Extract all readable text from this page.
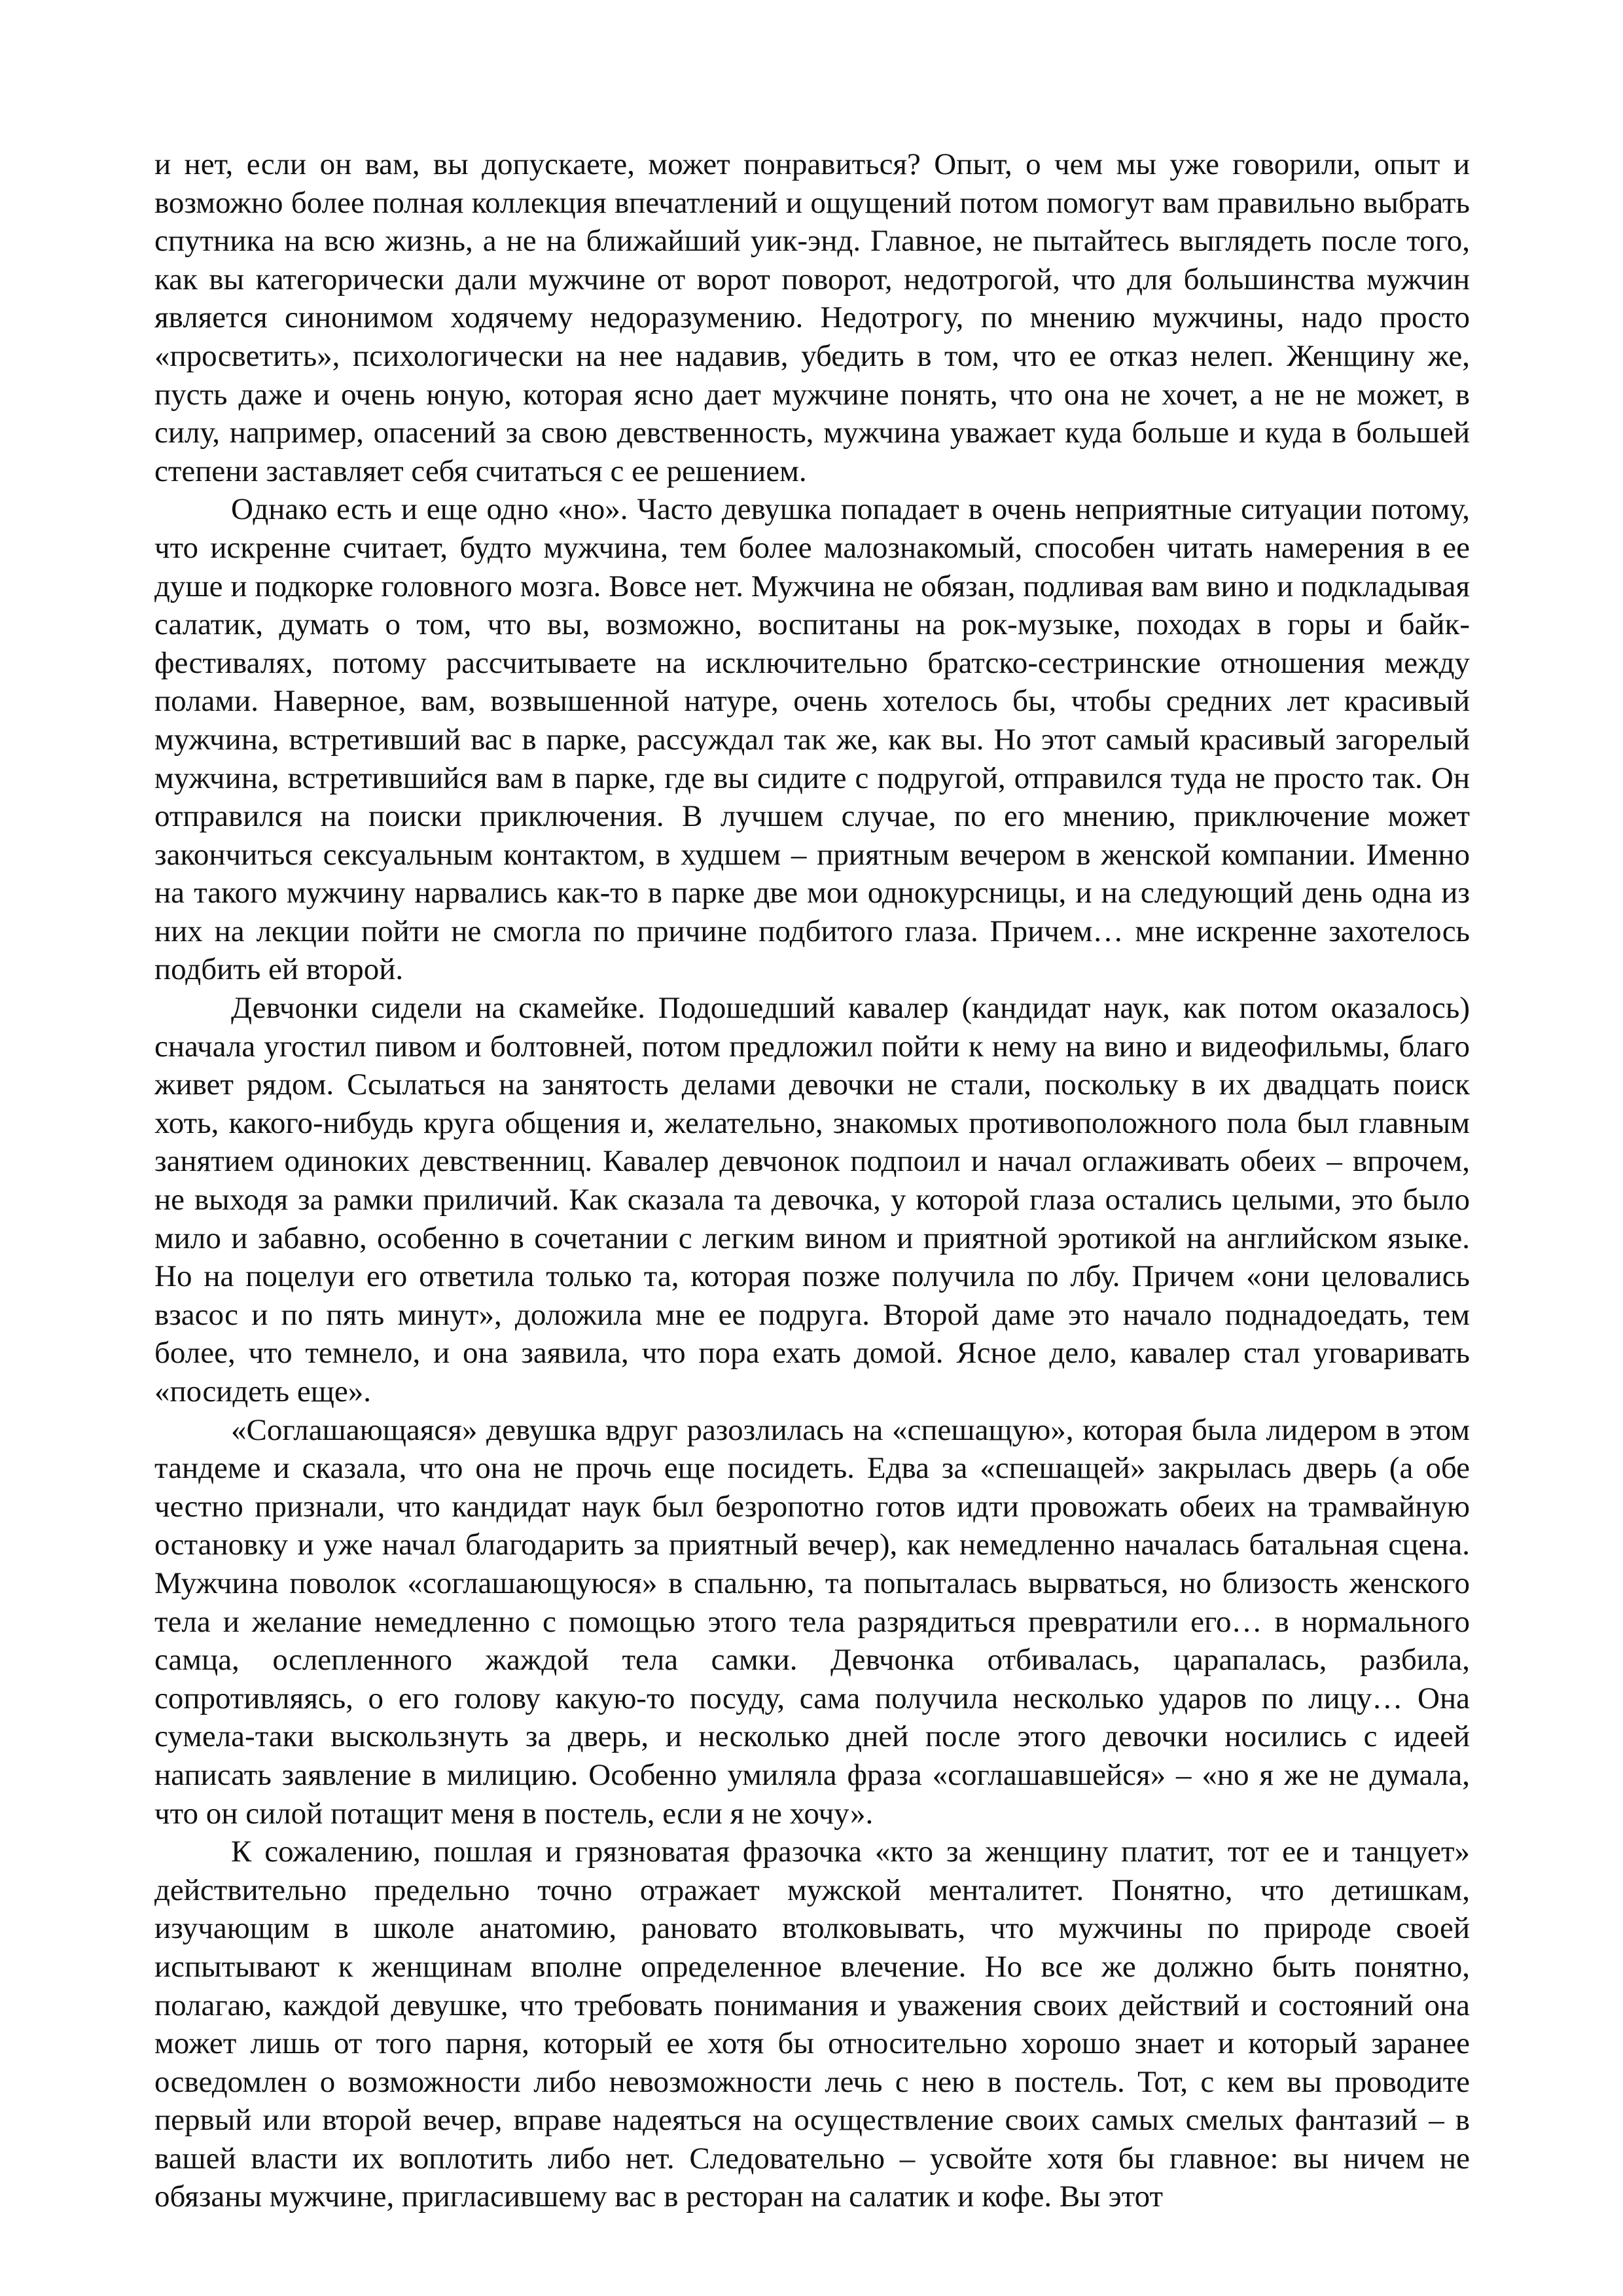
и нет, если он вам, вы допускаете, может понравиться? Опыт, о чем мы уже говорили, опыт и возможно более полная коллекция впечатлений и ощущений потом помогут вам правильно выбрать спутника на всю жизнь, а не на ближайший уик-энд. Главное, не пытайтесь выглядеть после того, как вы категорически дали мужчине от ворот поворот, недотрогой, что для большинства мужчин является синонимом ходячему недоразумению. Недотрогу, по мнению мужчины, надо просто «просветить», психологически на нее надавив, убедить в том, что ее отказ нелеп. Женщину же, пусть даже и очень юную, которая ясно дает мужчине понять, что она не хочет, а не не может, в силу, например, опасений за свою девственность, мужчина уважает куда больше и куда в большей степени заставляет себя считаться с ее решением.

Однако есть и еще одно «но». Часто девушка попадает в очень неприятные ситуации потому, что искренне считает, будто мужчина, тем более малознакомый, способен читать намерения в ее душе и подкорке головного мозга. Вовсе нет. Мужчина не обязан, подливая вам вино и подкладывая салатик, думать о том, что вы, возможно, воспитаны на рок-музыке, походах в горы и байк-фестивалях, потому рассчитываете на исключительно братско-сестринские отношения между полами. Наверное, вам, возвышенной натуре, очень хотелось бы, чтобы средних лет красивый мужчина, встретивший вас в парке, рассуждал так же, как вы. Но этот самый красивый загорелый мужчина, встретившийся вам в парке, где вы сидите с подругой, отправился туда не просто так. Он отправился на поиски приключения. В лучшем случае, по его мнению, приключение может закончиться сексуальным контактом, в худшем – приятным вечером в женской компании. Именно на такого мужчину нарвались как-то в парке две мои однокурсницы, и на следующий день одна из них на лекции пойти не смогла по причине подбитого глаза. Причем… мне искренне захотелось подбить ей второй.

Девчонки сидели на скамейке. Подошедший кавалер (кандидат наук, как потом оказалось) сначала угостил пивом и болтовней, потом предложил пойти к нему на вино и видеофильмы, благо живет рядом. Ссылаться на занятость делами девочки не стали, поскольку в их двадцать поиск хоть, какого-нибудь круга общения и, желательно, знакомых противоположного пола был главным занятием одиноких девственниц. Кавалер девчонок подпоил и начал оглаживать обеих – впрочем, не выходя за рамки приличий. Как сказала та девочка, у которой глаза остались целыми, это было мило и забавно, особенно в сочетании с легким вином и приятной эротикой на английском языке. Но на поцелуи его ответила только та, которая позже получила по лбу. Причем «они целовались взасос и по пять минут», доложила мне ее подруга. Второй даме это начало поднадоедать, тем более, что темнело, и она заявила, что пора ехать домой. Ясное дело, кавалер стал уговаривать «посидеть еще».

«Соглашающаяся» девушка вдруг разозлилась на «спешащую», которая была лидером в этом тандеме и сказала, что она не прочь еще посидеть. Едва за «спешащей» закрылась дверь (а обе честно признали, что кандидат наук был безропотно готов идти провожать обеих на трамвайную остановку и уже начал благодарить за приятный вечер), как немедленно началась батальная сцена. Мужчина поволок «соглашающуюся» в спальню, та попыталась вырваться, но близость женского тела и желание немедленно с помощью этого тела разрядиться превратили его… в нормального самца, ослепленного жаждой тела самки. Девчонка отбивалась, царапалась, разбила, сопротивляясь, о его голову какую-то посуду, сама получила несколько ударов по лицу… Она сумела-таки выскользнуть за дверь, и несколько дней после этого девочки носились с идеей написать заявление в милицию. Особенно умиляла фраза «соглашавшейся» – «но я же не думала, что он силой потащит меня в постель, если я не хочу».

К сожалению, пошлая и грязноватая фразочка «кто за женщину платит, тот ее и танцует» действительно предельно точно отражает мужской менталитет. Понятно, что детишкам, изучающим в школе анатомию, рановато втолковывать, что мужчины по природе своей испытывают к женщинам вполне определенное влечение. Но все же должно быть понятно, полагаю, каждой девушке, что требовать понимания и уважения своих действий и состояний она может лишь от того парня, который ее хотя бы относительно хорошо знает и который заранее осведомлен о возможности либо невозможности лечь с нею в постель. Тот, с кем вы проводите первый или второй вечер, вправе надеяться на осуществление своих самых смелых фантазий – в вашей власти их воплотить либо нет. Следовательно – усвойте хотя бы главное: вы ничем не обязаны мужчине, пригласившему вас в ресторан на салатик и кофе. Вы этот
